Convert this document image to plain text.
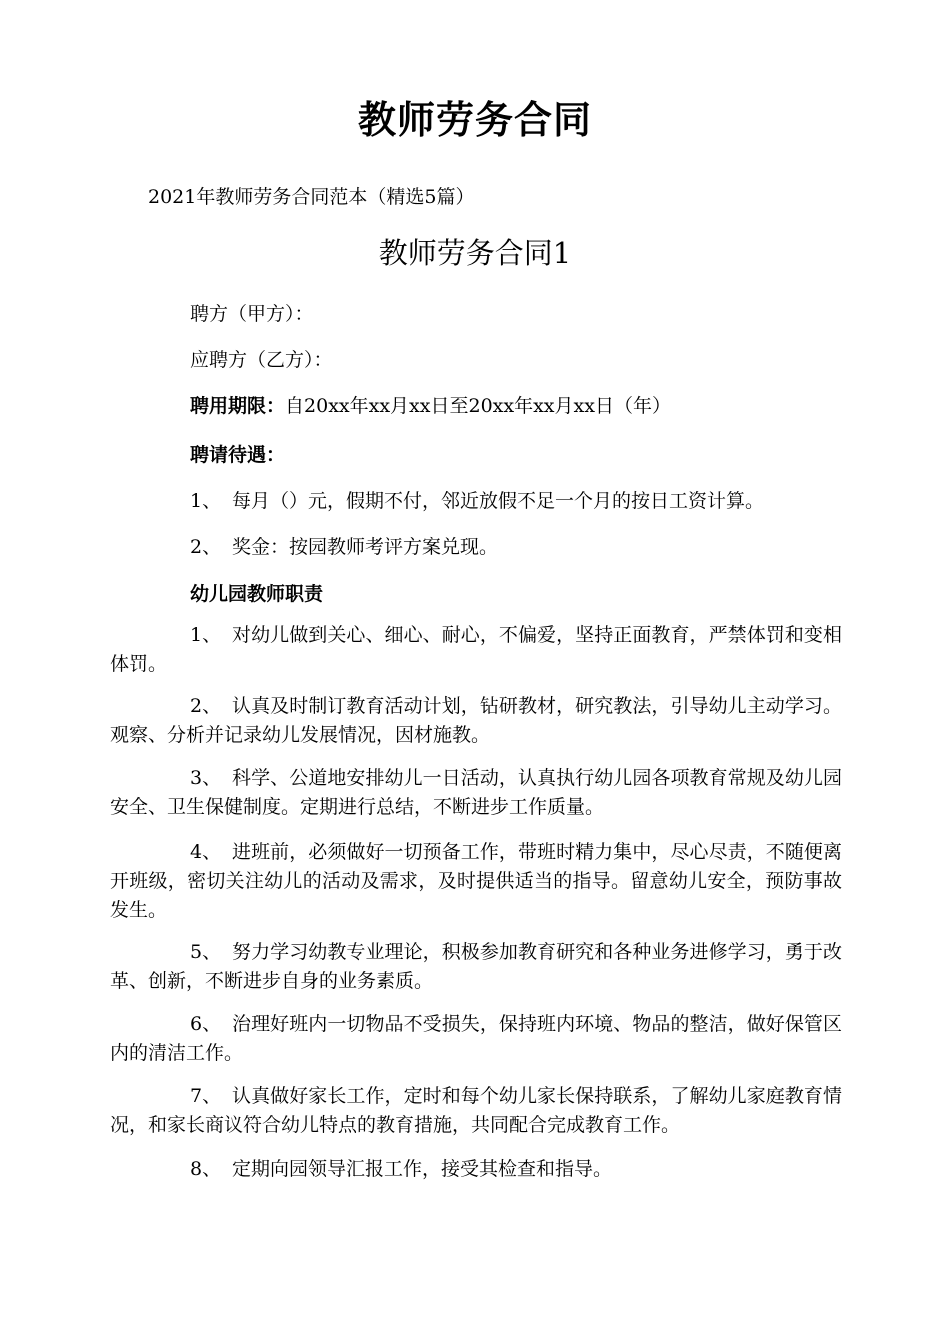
教师劳务合同
2021年教师劳务合同范本（精选5篇）
教师劳务合同1
聘方（甲方）：
应聘方（乙方）：
聘用期限：自20xx年xx月xx日至20xx年xx月xx日（年）
聘请待遇：
1、 每月（）元，假期不付，邻近放假不足一个月的按日工资计算。
2、 奖金：按园教师考评方案兑现。
幼儿园教师职责
1、 对幼儿做到关心、细心、耐心，不偏爱，坚持正面教育，严禁体罚和变相体罚。
2、 认真及时制订教育活动计划，钻研教材，研究教法，引导幼儿主动学习。观察、分析并记录幼儿发展情况，因材施教。
3、 科学、公道地安排幼儿一日活动，认真执行幼儿园各项教育常规及幼儿园安全、卫生保健制度。定期进行总结，不断进步工作质量。
4、 进班前，必须做好一切预备工作，带班时精力集中，尽心尽责，不随便离开班级，密切关注幼儿的活动及需求，及时提供适当的指导。留意幼儿安全，预防事故发生。
5、 努力学习幼教专业理论，积极参加教育研究和各种业务进修学习，勇于改革、创新，不断进步自身的业务素质。
6、 治理好班内一切物品不受损失，保持班内环境、物品的整洁，做好保管区内的清洁工作。
7、 认真做好家长工作，定时和每个幼儿家长保持联系，了解幼儿家庭教育情况，和家长商议符合幼儿特点的教育措施，共同配合完成教育工作。
8、 定期向园领导汇报工作，接受其检查和指导。
